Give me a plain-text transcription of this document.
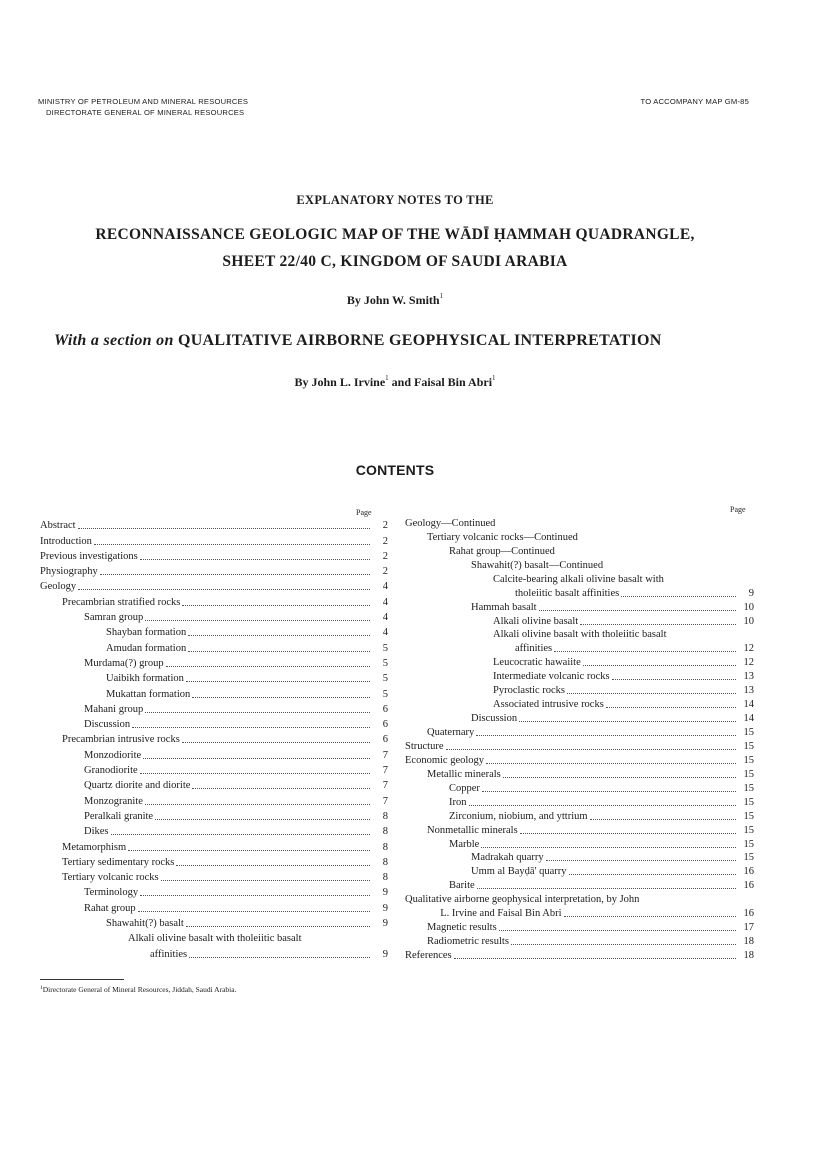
MINISTRY OF PETROLEUM AND MINERAL RESOURCES
DIRECTORATE GENERAL OF MINERAL RESOURCES
TO ACCOMPANY MAP GM-85
EXPLANATORY NOTES TO THE
RECONNAISSANCE GEOLOGIC MAP OF THE WĀDĪ ḤAMMAH QUADRANGLE,
SHEET 22/40 C, KINGDOM OF SAUDI ARABIA
By John W. Smith$^1$
With a section on QUALITATIVE AIRBORNE GEOPHYSICAL INTERPRETATION
By John L. Irvine$^1$ and Faisal Bin Abri$^1$
CONTENTS
Page	Page
Abstract	2
Introduction	2
Previous investigations	2
Physiography	2
Geology	4
Precambrian stratified rocks	4
Samran group	4
Shayban formation	4
Amudan formation	5
Murdama(?) group	5
Uaibikh formation	5
Mukattan formation	5
Mahani group	6
Discussion	6
Precambrian intrusive rocks	6
Monzodiorite	7
Granodiorite	7
Quartz diorite and diorite	7
Monzogranite	7
Peralkali granite	8
Dikes	8
Metamorphism	8
Tertiary sedimentary rocks	8
Tertiary volcanic rocks	8
Terminology	9
Rahat group	9
Shawahit(?) basalt	9
Alkali olivine basalt with tholeiitic basalt
affinities	9
Geology—Continued
Tertiary volcanic rocks—Continued
Rahat group—Continued
Shawahit(?) basalt—Continued
Calcite-bearing alkali olivine basalt with
tholeiitic basalt affinities	9
Hammah basalt	10
Alkali olivine basalt	10
Alkali olivine basalt with tholeiitic basalt
affinities	12
Leucocratic hawaiite	12
Intermediate volcanic rocks	13
Pyroclastic rocks	13
Associated intrusive rocks	14
Discussion	14
Quaternary	15
Structure	15
Economic geology	15
Metallic minerals	15
Copper	15
Iron	15
Zirconium, niobium, and yttrium	15
Nonmetallic minerals	15
Marble	15
Madrakah quarry	15
Umm al Bayḍā' quarry	16
Barite	16
Qualitative airborne geophysical interpretation, by John
L. Irvine and Faisal Bin Abri	16
Magnetic results	17
Radiometric results	18
References	18
$^1$Directorate General of Mineral Resources, Jiddah, Saudi Arabia.
